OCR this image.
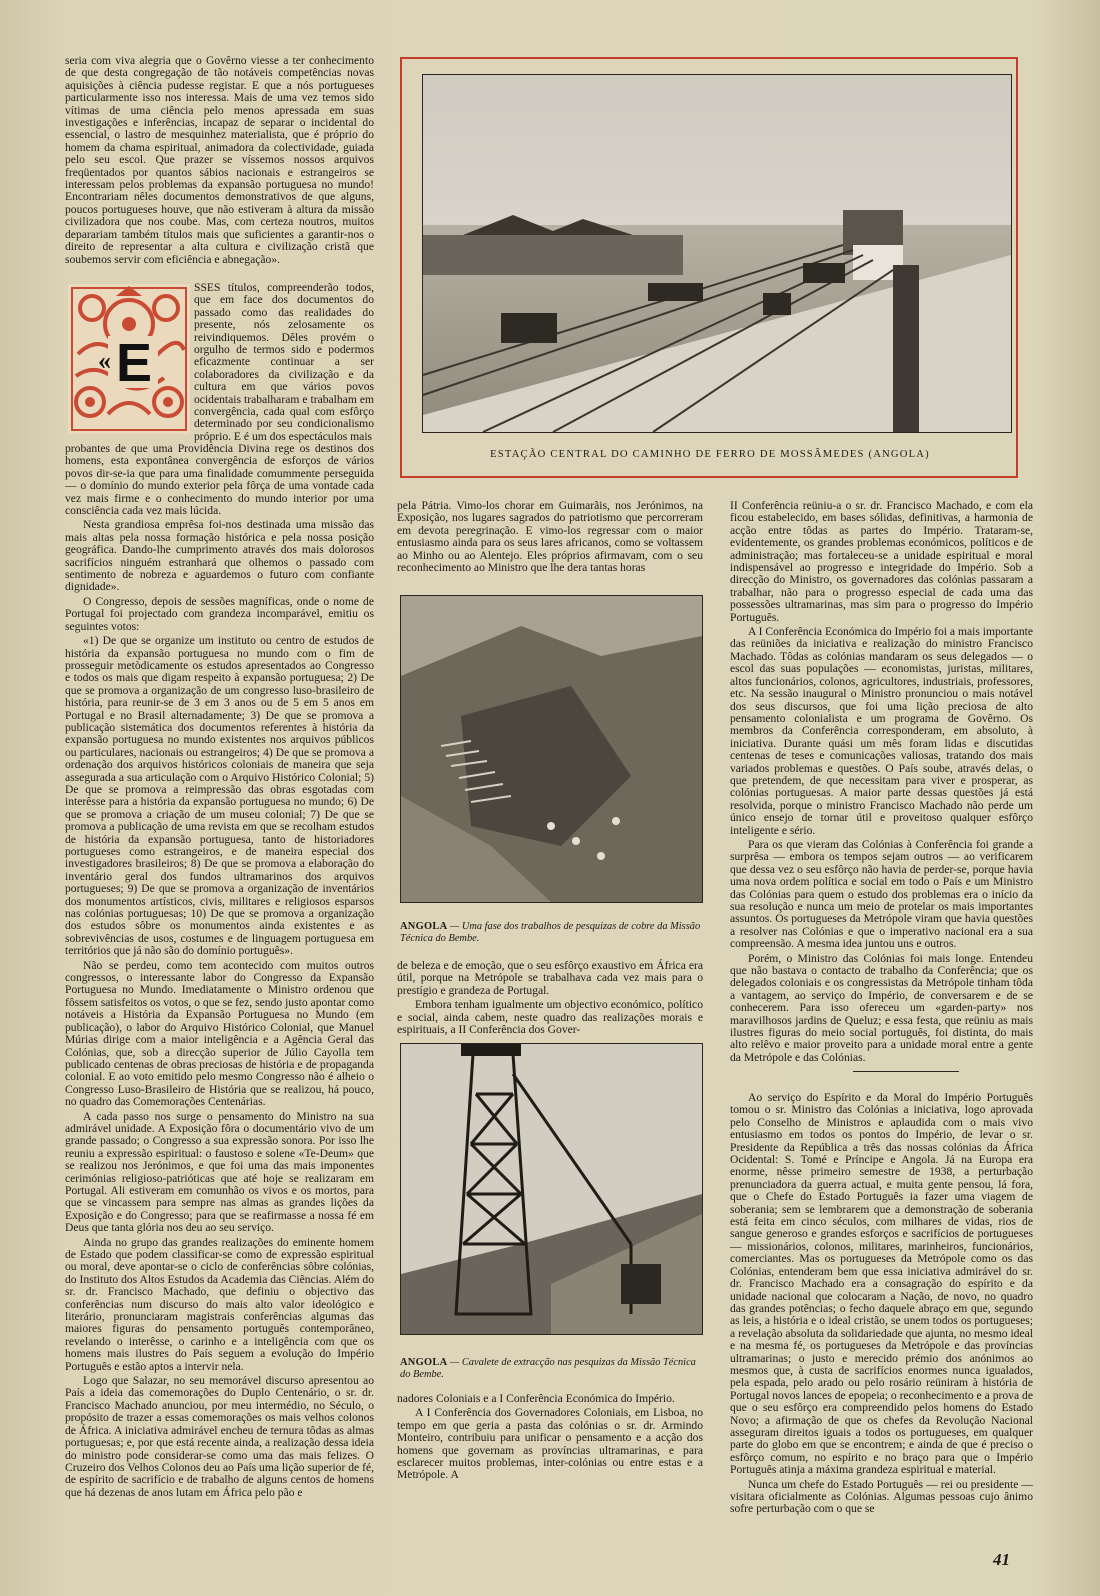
seria com viva alegria que o Govêrno viesse a ter conhecimento de que desta congregação de tão notáveis competências novas aquisições à ciência pudesse registar. E que a nós portugueses particularmente isso nos interessa. Mais de uma vez temos sido vítimas de uma ciência pelo menos apressada em suas investigações e inferências, incapaz de separar o incidental do essencial, o lastro de mesquinhez materialista, que é próprio do homem da chama espiritual, animadora da colectividade, guiada pelo seu escol. Que prazer se víssemos nossos arquivos freqüentados por quantos sábios nacionais e estrangeiros se interessam pelos problemas da expansão portuguesa no mundo! Encontrariam nêles documentos demonstrativos de que alguns, poucos portugueses houve, que não estiveram à altura da missão civilizadora que nos coube. Mas, com certeza noutros, muitos deparariam também títulos mais que suficientes a garantir-nos o direito de representar a alta cultura e civilização cristã que soubemos servir com eficiência e abnegação».

« E

SSES títulos, compreenderão todos, que em face dos documentos do passado como das realidades do presente, nós zelosamente os reivindiquemos. Dêles provém o orgulho de termos sido e podermos eficazmente continuar a ser colaboradores da civilização e da cultura em que vários povos ocidentais trabalharam e trabalham em convergência, cada qual com esfôrço determinado por seu condicionalismo próprio. E é um dos espectáculos mais

probantes de que uma Providência Divina rege os destinos dos homens, esta expontânea convergência de esforços de vários povos dir-se-ia que para uma finalidade comummente perseguida — o domínio do mundo exterior pela fôrça de uma vontade cada vez mais firme e o conhecimento do mundo interior por uma consciência cada vez mais lúcida.

Nesta grandiosa emprêsa foi-nos destinada uma missão das mais altas pela nossa formação histórica e pela nossa posição geográfica. Dando-lhe cumprimento através dos mais dolorosos sacrifícios ninguém estranhará que olhemos o passado com sentimento de nobreza e aguardemos o futuro com confiante dignidade».

O Congresso, depois de sessões magníficas, onde o nome de Portugal foi projectado com grandeza incomparável, emitiu os seguintes votos:

«1) De que se organize um instituto ou centro de estudos de história da expansão portuguesa no mundo com o fim de prosseguir metòdicamente os estudos apresentados ao Congresso e todos os mais que digam respeito à expansão portuguesa; 2) De que se promova a organização de um congresso luso-brasileiro de história, para reunir-se de 3 em 3 anos ou de 5 em 5 anos em Portugal e no Brasil alternadamente; 3) De que se promova a publicação sistemática dos documentos referentes à história da expansão portuguesa no mundo existentes nos arquivos públicos ou particulares, nacionais ou estrangeiros; 4) De que se promova a ordenação dos arquivos históricos coloniais de maneira que seja assegurada a sua articulação com o Arquivo Histórico Colonial; 5) De que se promova a reimpressão das obras esgotadas com interêsse para a história da expansão portuguesa no mundo; 6) De que se promova a criação de um museu colonial; 7) De que se promova a publicação de uma revista em que se recolham estudos de história da expansão portuguesa, tanto de historiadores portugueses como estrangeiros, e de maneira especial dos investigadores brasileiros; 8) De que se promova a elaboração do inventário geral dos fundos ultramarinos dos arquivos portugueses; 9) De que se promova a organização de inventários dos monumentos artísticos, civis, militares e religiosos esparsos nas colónias portuguesas; 10) De que se promova a organização dos estudos sôbre os monumentos ainda existentes e as sobrevivências de usos, costumes e de linguagem portuguesa em territórios que já não são do domínio português».

Não se perdeu, como tem acontecido com muitos outros congressos, o interessante labor do Congresso da Expansão Portuguesa no Mundo. Imediatamente o Ministro ordenou que fôssem satisfeitos os votos, o que se fez, sendo justo apontar como notáveis a História da Expansão Portuguesa no Mundo (em publicação), o labor do Arquivo Histórico Colonial, que Manuel Múrias dirige com a maior inteligência e a Agência Geral das Colónias, que, sob a direcção superior de Júlio Cayolla tem publicado centenas de obras preciosas de história e de propaganda colonial. E ao voto emitido pelo mesmo Congresso não é alheio o Congresso Luso-Brasileiro de História que se realizou, há pouco, no quadro das Comemorações Centenárias.

A cada passo nos surge o pensamento do Ministro na sua admirável unidade. A Exposição fôra o documentário vivo de um grande passado; o Congresso a sua expressão sonora. Por isso lhe reuniu a expressão espiritual: o faustoso e solene «Te-Deum» que se realizou nos Jerónimos, e que foi uma das mais imponentes cerimónias religioso-patrióticas que até hoje se realizaram em Portugal. Ali estiveram em comunhão os vivos e os mortos, para que se vincassem para sempre nas almas as grandes lições da Exposição e do Congresso; para que se reafirmasse a nossa fé em Deus que tanta glória nos deu ao seu serviço.

Ainda no grupo das grandes realizações do eminente homem de Estado que podem classificar-se como de expressão espiritual ou moral, deve apontar-se o ciclo de conferências sôbre colónias, do Instituto dos Altos Estudos da Academia das Ciências. Além do sr. dr. Francisco Machado, que definiu o objectivo das conferências num discurso do mais alto valor ideológico e literário, pronunciaram magistrais conferências algumas das maiores figuras do pensamento português contemporâneo, revelando o interêsse, o carinho e a inteligência com que os homens mais ilustres do País seguem a evolução do Império Português e estão aptos a intervir nela.

Logo que Salazar, no seu memorável discurso apresentou ao País a ideia das comemorações do Duplo Centenário, o sr. dr. Francisco Machado anunciou, por meu intermédio, no Século, o propósito de trazer a essas comemorações os mais velhos colonos de África. A iniciativa admirável encheu de ternura tôdas as almas portuguesas; e, por que está recente ainda, a realização dessa ideia do ministro pode considerar-se como uma das mais felizes. O Cruzeiro dos Velhos Colonos deu ao País uma lição superior de fé, de espírito de sacrifício e de trabalho de alguns centos de homens que há dezenas de anos lutam em África pelo pão e

ESTAÇÃO CENTRAL DO CAMINHO DE FERRO DE MOSSÂMEDES (ANGOLA)

pela Pátria. Vimo-los chorar em Guimarãis, nos Jerónimos, na Exposição, nos lugares sagrados do patriotismo que percorreram em devota peregrinação. E vimo-los regressar com o maior entusiasmo ainda para os seus lares africanos, como se voltassem ao Minho ou ao Alentejo. Eles próprios afirmavam, com o seu reconhecimento ao Ministro que lhe dera tantas horas

ANGOLA — Uma fase dos trabalhos de pesquizas de cobre da Missão Técnica do Bembe.

de beleza e de emoção, que o seu esfôrço exaustivo em África era útil, porque na Metrópole se trabalhava cada vez mais para o prestígio e grandeza de Portugal.

Embora tenham igualmente um objectivo económico, político e social, ainda cabem, neste quadro das realizações morais e espirituais, a II Conferência dos Gover-

ANGOLA — Cavalete de extracção nas pesquizas da Missão Técnica do Bembe.

nadores Coloniais e a I Conferência Económica do Império.

A I Conferência dos Governadores Coloniais, em Lisboa, no tempo em que geria a pasta das colónias o sr. dr. Armindo Monteiro, contribuiu para unificar o pensamento e a acção dos homens que governam as províncias ultramarinas, e para esclarecer muitos problemas, inter-colónias ou entre estas e a Metrópole. A

II Conferência reüniu-a o sr. dr. Francisco Machado, e com ela ficou estabelecido, em bases sólidas, definitivas, a harmonia de acção entre tôdas as partes do Império. Trataram-se, evidentemente, os grandes problemas económicos, políticos e de administração; mas fortaleceu-se a unidade espiritual e moral indispensável ao progresso e integridade do Império. Sob a direcção do Ministro, os governadores das colónias passaram a trabalhar, não para o progresso especial de cada uma das possessões ultramarinas, mas sim para o progresso do Império Português.

A I Conferência Económica do Império foi a mais importante das reüniões da iniciativa e realização do ministro Francisco Machado. Tôdas as colónias mandaram os seus delegados — o escol das suas populações — economistas, juristas, militares, altos funcionários, colonos, agricultores, industriais, professores, etc. Na sessão inaugural o Ministro pronunciou o mais notável dos seus discursos, que foi uma lição preciosa de alto pensamento colonialista e um programa de Govêrno. Os membros da Conferência corresponderam, em absoluto, à iniciativa. Durante quási um mês foram lidas e discutidas centenas de teses e comunicações valiosas, tratando dos mais variados problemas e questões. O País soube, através delas, o que pretendem, de que necessitam para viver e prosperar, as colónias portuguesas. A maior parte dessas questões já está resolvida, porque o ministro Francisco Machado não perde um único ensejo de tornar útil e proveitoso qualquer esfôrço inteligente e sério.

Para os que vieram das Colónias à Conferência foi grande a surprêsa — embora os tempos sejam outros — ao verificarem que dessa vez o seu esfôrço não havia de perder-se, porque havia uma nova ordem política e social em todo o País e um Ministro das Colónias para quem o estudo dos problemas era o início da sua resolução e nunca um meio de protelar os mais importantes assuntos. Os portugueses da Metrópole viram que havia questões a resolver nas Colónias e que o imperativo nacional era a sua compreensão. A mesma idea juntou uns e outros.

Porém, o Ministro das Colónias foi mais longe. Entendeu que não bastava o contacto de trabalho da Conferência; que os delegados coloniais e os congressistas da Metrópole tinham tôda a vantagem, ao serviço do Império, de conversarem e de se conhecerem. Para isso ofereceu um «garden-party» nos maravilhosos jardins de Queluz; e essa festa, que reüniu as mais ilustres figuras do meio social português, foi distinta, do mais alto relêvo e maior proveito para a unidade moral entre a gente da Metrópole e das Colónias.

Ao serviço do Espírito e da Moral do Império Português tomou o sr. Ministro das Colónias a iniciativa, logo aprovada pelo Conselho de Ministros e aplaudida com o mais vivo entusiasmo em todos os pontos do Império, de levar o sr. Presidente da República a três das nossas colónias da África Ocidental: S. Tomé e Príncipe e Angola. Já na Europa era enorme, nêsse primeiro semestre de 1938, a perturbação prenunciadora da guerra actual, e muita gente pensou, lá fora, que o Chefe do Estado Português ia fazer uma viagem de soberania; sem se lembrarem que a demonstração de soberania está feita em cinco séculos, com milhares de vidas, rios de sangue generoso e grandes esforços e sacrifícios de portugueses — missionários, colonos, militares, marinheiros, funcionários, comerciantes. Mas os portugueses da Metrópole como os das Colónias, entenderam bem que essa iniciativa admirável do sr. dr. Francisco Machado era a consagração do espírito e da unidade nacional que colocaram a Nação, de novo, no quadro das grandes potências; o fecho daquele abraço em que, segundo as leis, a história e o ideal cristão, se unem todos os portugueses; a revelação absoluta da solidariedade que ajunta, no mesmo ideal e na mesma fé, os portugueses da Metrópole e das províncias ultramarinas; o justo e merecido prémio dos anónimos ao mesmos que, à custa de sacrifícios enormes nunca igualados, pela espada, pelo arado ou pelo rosário reüniram à história de Portugal novos lances de epopeia; o reconhecimento e a prova de que o seu esfôrço era compreendido pelos homens do Estado Novo; a afirmação de que os chefes da Revolução Nacional asseguram direitos iguais a todos os portugueses, em qualquer parte do globo em que se encontrem; e ainda de que é preciso o esfôrço comum, no espírito e no braço para que o Império Português atinja a máxima grandeza espiritual e material.

Nunca um chefe do Estado Português — rei ou presidente — visitara oficialmente as Colónias. Algumas pessoas cujo ânimo sofre perturbação com o que se

41
